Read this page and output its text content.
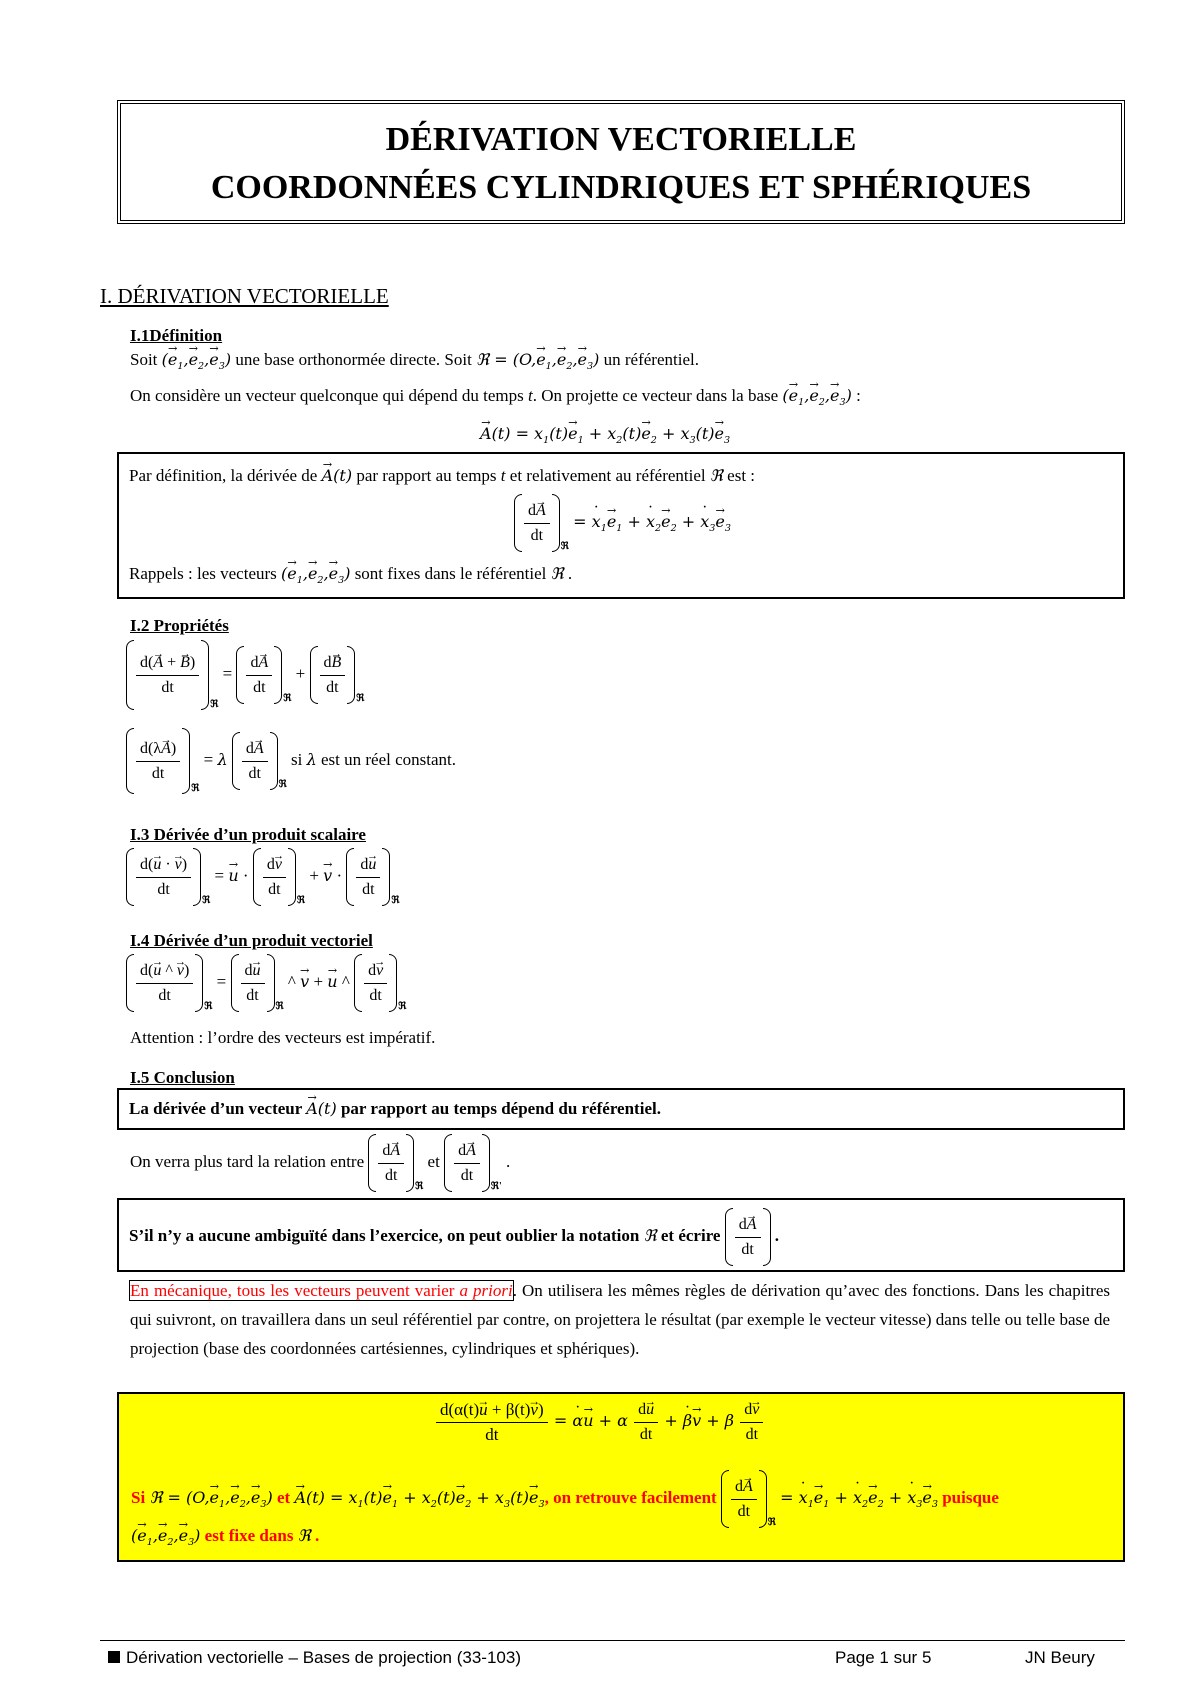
DÉRIVATION VECTORIELLE
COORDONNÉES CYLINDRIQUES ET SPHÉRIQUES
I. DÉRIVATION VECTORIELLE
I.1Définition
Soit (→ $e_1,\to e_2,\to e_3$) une base orthonormée directe. Soit ℜ = $(O,\to e_1,\to e_2,\to e_3)$ un référentiel.
On considère un vecteur quelconque qui dépend du temps t. On projette ce vecteur dans la base (→ $e_1,\to e_2,\to e_3$) :
→ $A(t) = x_1(t)\to e_1 + x_2(t)\to e_2 + x_3(t)\to e_3$
Par définition, la dérivée de → A(t) par rapport au temps t et relativement au référentiel ℜ est :
$\frac{d\to A}{dt}$
ℜ
= ˙ $x_1\to e_1$ + ˙ $x_2\to e_2$ + ˙ $x_3\to e_3$
Rappels : les vecteurs (→ $e_1,\to e_2,\to e_3$) sont fixes dans le référentiel ℜ .
I.2 Propriétés
$\frac{d(\to A + \to B)}{dt}$
ℜ
= $\frac{d\to A}{dt}$
ℜ
+ $\frac{d\to B}{dt}$
ℜ
$\frac{d(\lambda\to A)}{dt}$
ℜ
= λ $\frac{d\to A}{dt}$
ℜ
si λ est un réel constant.
I.3 Dérivée d’un produit scalaire
$\frac{d(\to u \cdot \to v)}{dt}$
ℜ
= → $u \cdot \frac{d\to v}{dt}$
ℜ
+ → $v \cdot \frac{d\to u}{dt}$
ℜ
I.4 Dérivée d’un produit vectoriel
$\frac{d(\to u \^{} \to v)}{dt}$
ℜ
= $\frac{d\to u}{dt}$
ℜ
^ → v + → u ^ $\frac{d\to v}{dt}$
ℜ
Attention : l’ordre des vecteurs est impératif.
I.5 Conclusion
La dérivée d’un vecteur → A(t) par rapport au temps dépend du référentiel.
On verra plus tard la relation entre $\frac{d\to A}{dt}$
ℜ
et $\frac{d\to A}{dt}$
ℜ'
.
S’il n’y a aucune ambiguïté dans l’exercice, on peut oublier la notation ℜ et écrire $\frac{d\to A}{dt}$ .
En mécanique, tous les vecteurs peuvent varier a priori. On utilisera les mêmes règles de dérivation qu’avec des fonctions. Dans les chapitres qui suivront, on travaillera dans un seul référentiel par contre, on projettera le résultat (par exemple le vecteur vitesse) dans telle ou telle base de projection (base des coordonnées cartésiennes, cylindriques et sphériques).
$\frac{d(\alpha(t)\to u + \beta(t)\to v)}{dt}$ = ˙ α→ u + α $\frac{d\to u}{dt}$ + ˙ β→ v + β $\frac{d\to v}{dt}$
Si ℜ = $(O,\to e_1,\to e_2,\to e_3)$ et → $A(t) = x_1(t)\to e_1 + x_2(t)\to e_2 + x_3(t)\to e_3$, on retrouve facilement $\frac{d\to A}{dt}$
ℜ
= ˙ $x_1\to e_1$ + ˙ $x_2\to e_2$ + ˙ $x_3\to e_3$ puisque
(→ $e_1,\to e_2,\to e_3$) est fixe dans ℜ .
Dérivation vectorielle – Bases de projection (33-103)	Page 1 sur 5	JN Beury
